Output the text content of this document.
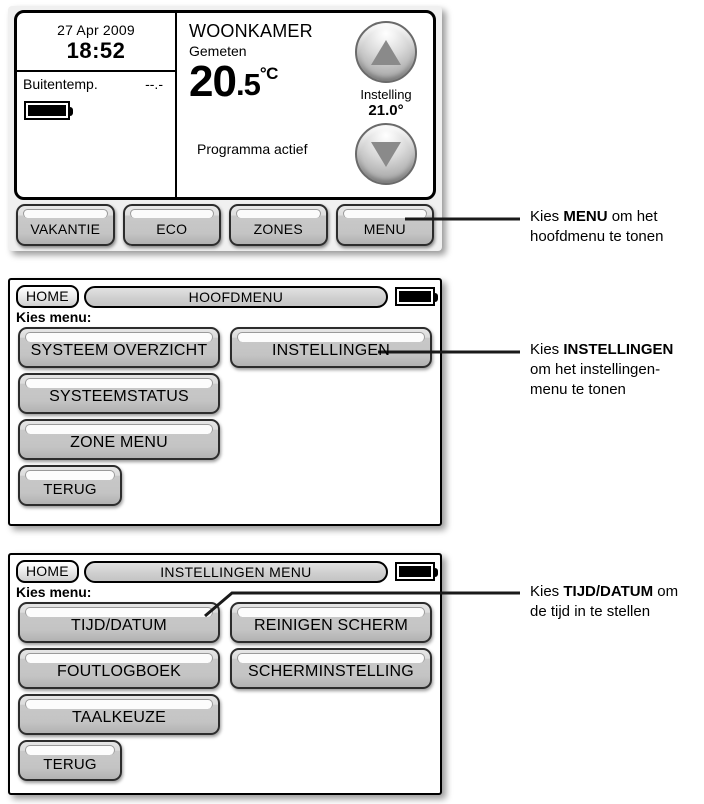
27 Apr 2009
18:52
Buitentemp.	--.-
WOONKAMER
Gemeten
20 .5 °C
Programma actief
Instelling
21.0°
VAKANTIE	ECO	ZONES	MENU
HOME	HOOFDMENU
Kies menu:
SYSTEEM OVERZICHT	INSTELLINGEN
SYSTEEMSTATUS
ZONE MENU
TERUG
HOME	INSTELLINGEN MENU
Kies menu:
TIJD/DATUM	REINIGEN SCHERM
FOUTLOGBOEK	SCHERMINSTELLING
TAALKEUZE
TERUG
Kies MENU om het
hoofdmenu te tonen
Kies INSTELLINGEN
om het instellingen-
menu te tonen
Kies TIJD/DATUM om
de tijd in te stellen
